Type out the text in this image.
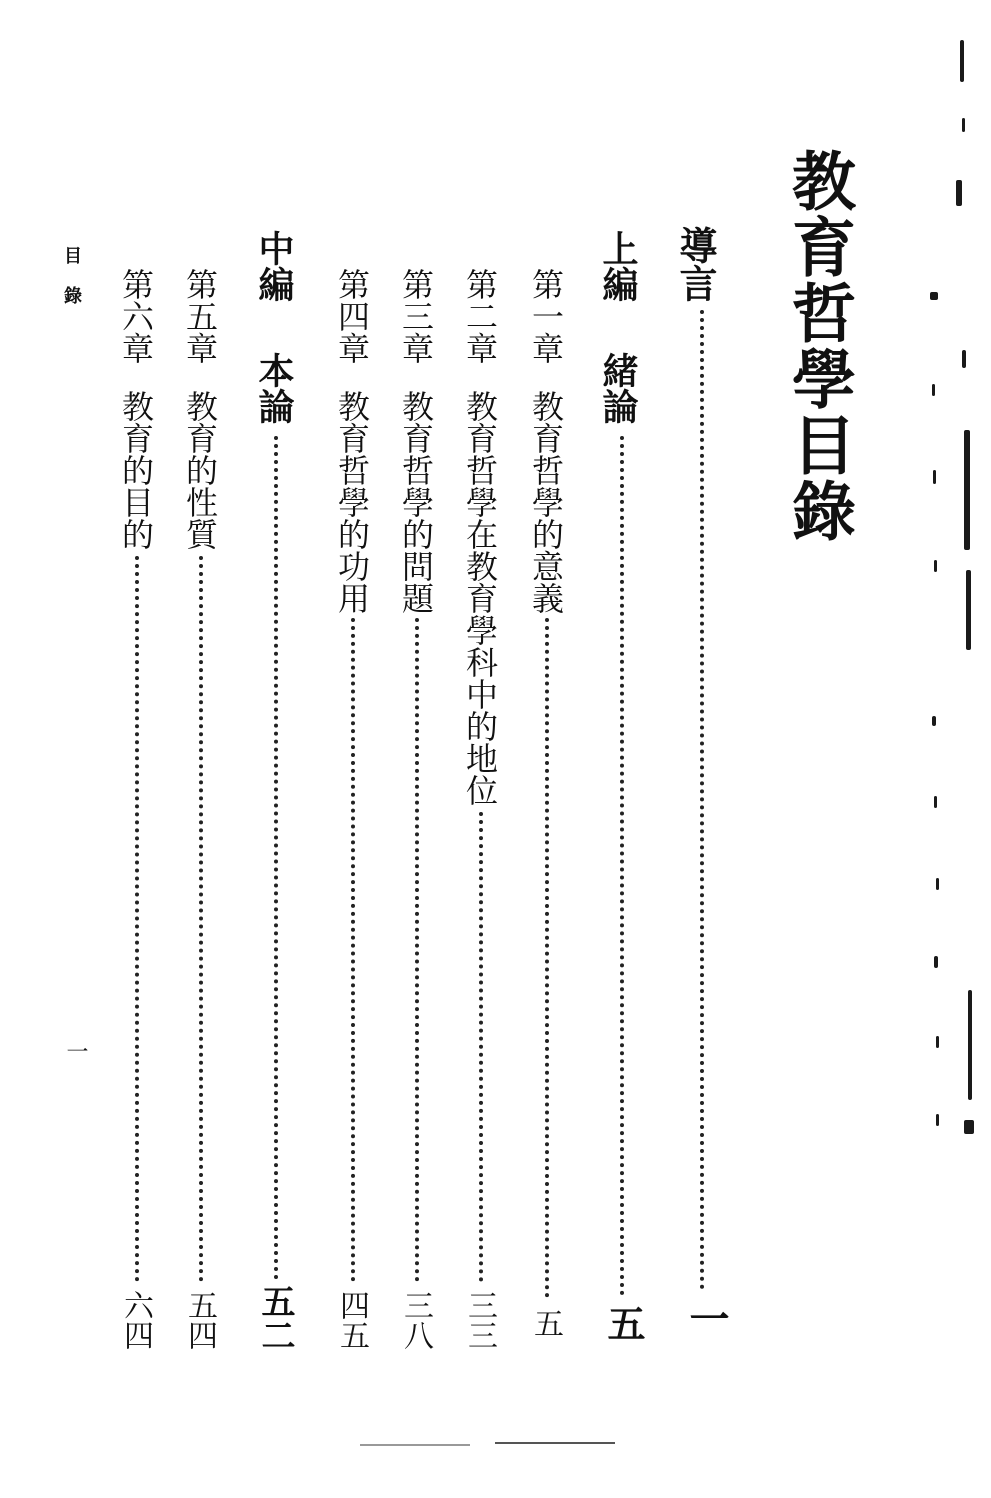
教育哲學目錄
導言
一
上編
緒論
五
第一章
教育哲學的意義
五
第二章
教育哲學在教育學科中的地位
三三
第三章
教育哲學的問題
三八
第四章
教育哲學的功用
四五
中編
本論
五二
第五章
教育的性質
五四
第六章
教育的目的
六四
目錄
一
